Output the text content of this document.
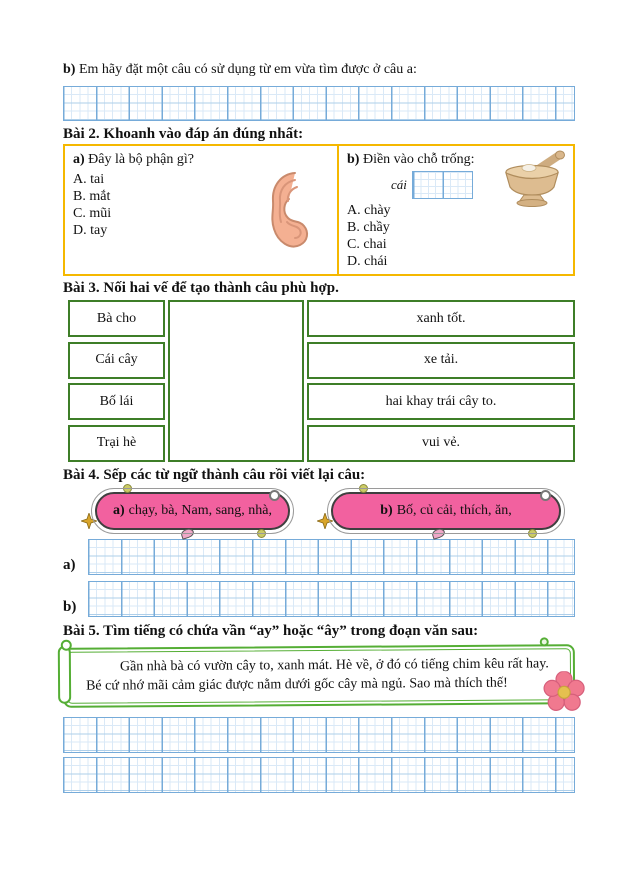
b) Em hãy đặt một câu có sử dụng từ em vừa tìm được ở câu a:
Bài 2. Khoanh vào đáp án đúng nhất:
a) Đây là bộ phận gì?
A. tai
B. mắt
C. mũi
D. tay
b) Điền vào chỗ trống:
cái
A. chày
B. chầy
C. chai
D. chái
Bài 3. Nối hai vế để tạo thành câu phù hợp.
Bà cho
Cái cây
Bố lái
Trại hè
xanh tốt.
xe tải.
hai khay trái cây to.
vui vẻ.
Bài 4. Sếp các từ ngữ thành câu rồi viết lại câu:
a) chạy, bà, Nam, sang, nhà,	b) Bố, củ cải, thích, ăn,
a)
b)
Bài 5. Tìm tiếng có chứa vần “ay” hoặc “ây” trong đoạn văn sau:

Gần nhà bà có vườn cây to, xanh mát. Hè về, ở đó có tiếng chim kêu rất hay. Bé cứ nhớ mãi cảm giác được nằm dưới gốc cây mà ngủ. Sao mà thích thế!
